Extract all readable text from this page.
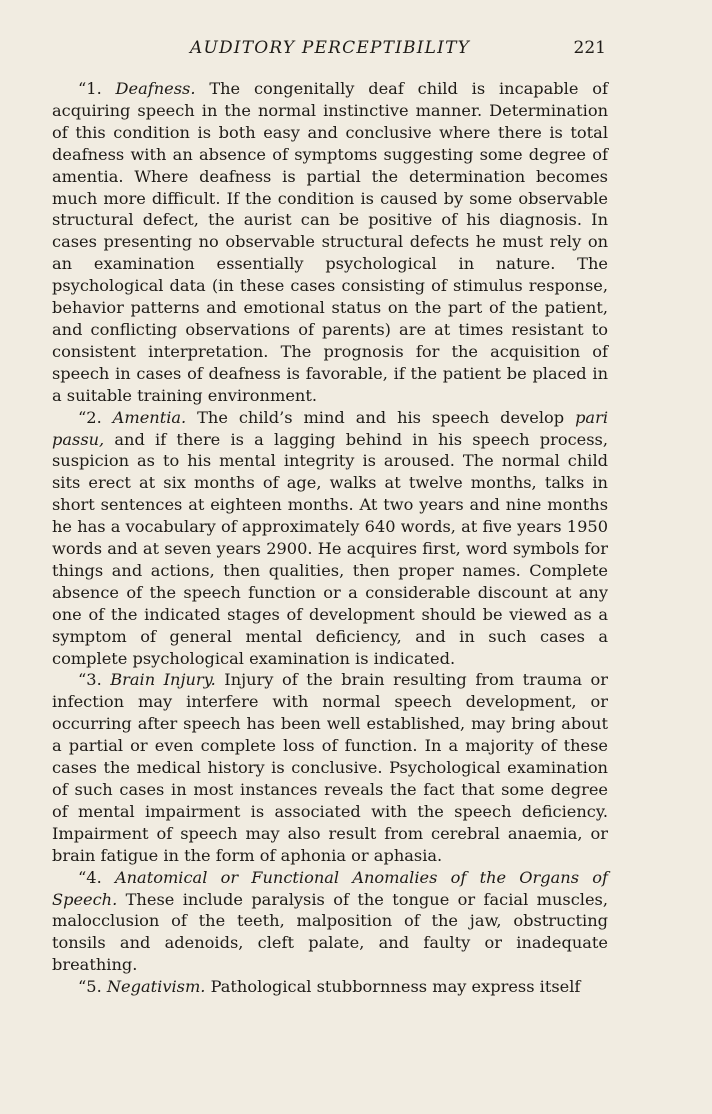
AUDITORY PERCEPTIBILITY	221

“1. Deafness. The congenitally deaf child is incapable of acquiring speech in the normal instinctive manner. Determination of this condition is both easy and conclusive where there is total deafness with an absence of symptoms suggesting some degree of amentia. Where deafness is partial the determination becomes much more difficult. If the condition is caused by some observable structural defect, the aurist can be positive of his diagnosis. In cases presenting no observable structural defects he must rely on an examination essentially psychological in nature. The psychological data (in these cases consisting of stimulus response, behavior patterns and emotional status on the part of the patient, and conflicting observations of parents) are at times resistant to consistent interpretation. The prognosis for the acquisition of speech in cases of deafness is favorable, if the patient be placed in a suitable training environment.

“2. Amentia. The child’s mind and his speech develop pari passu, and if there is a lagging behind in his speech process, suspicion as to his mental integrity is aroused. The normal child sits erect at six months of age, walks at twelve months, talks in short sentences at eighteen months. At two years and nine months he has a vocabulary of approximately 640 words, at five years 1950 words and at seven years 2900. He acquires first, word symbols for things and actions, then qualities, then proper names. Complete absence of the speech function or a considerable discount at any one of the indicated stages of development should be viewed as a symptom of general mental deficiency, and in such cases a complete psychological examination is indicated.

“3. Brain Injury. Injury of the brain resulting from trauma or infection may interfere with normal speech development, or occurring after speech has been well established, may bring about a partial or even complete loss of function. In a majority of these cases the medical history is conclusive. Psychological examination of such cases in most instances reveals the fact that some degree of mental impairment is associated with the speech deficiency. Impairment of speech may also result from cerebral anaemia, or brain fatigue in the form of aphonia or aphasia.

“4. Anatomical or Functional Anomalies of the Organs of Speech. These include paralysis of the tongue or facial muscles, malocclusion of the teeth, malposition of the jaw, obstructing tonsils and adenoids, cleft palate, and faulty or inadequate breathing.

“5. Negativism. Pathological stubbornness may express itself
